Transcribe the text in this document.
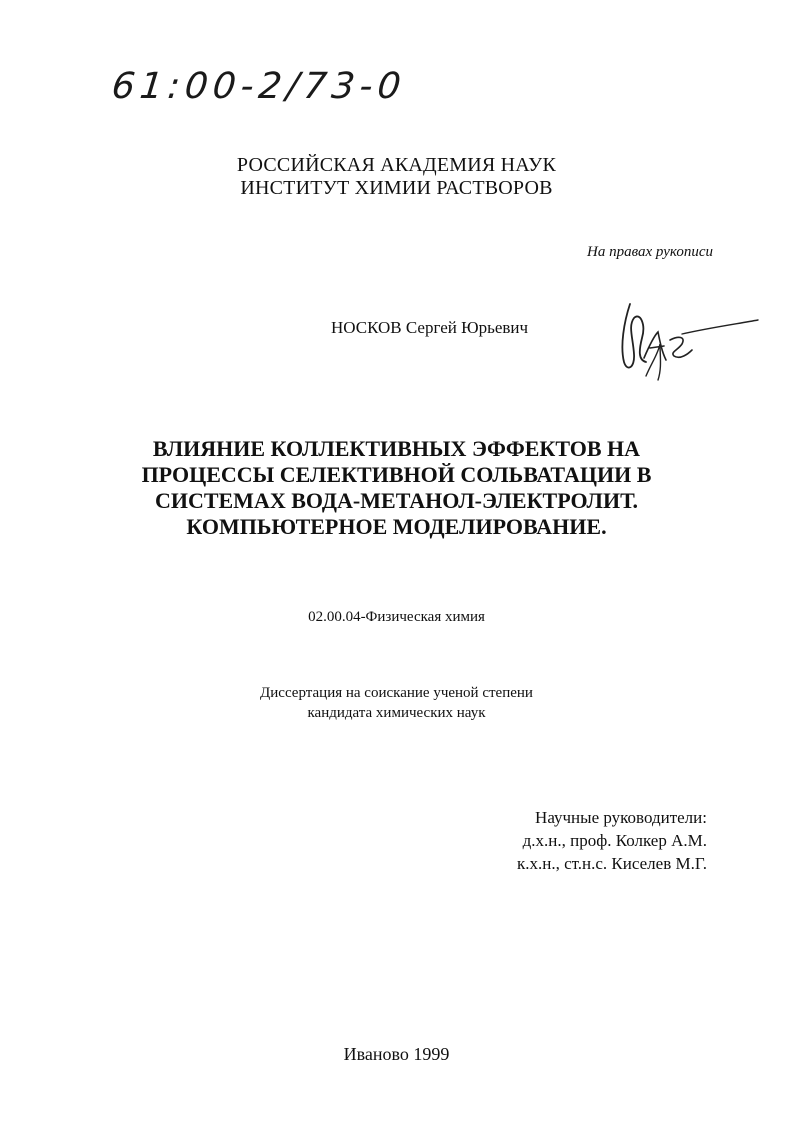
61:00-2/73-0
РОССИЙСКАЯ АКАДЕМИЯ НАУК
ИНСТИТУТ ХИМИИ РАСТВОРОВ
На правах рукописи
НОСКОВ Сергей Юрьевич
ВЛИЯНИЕ КОЛЛЕКТИВНЫХ ЭФФЕКТОВ НА
ПРОЦЕССЫ СЕЛЕКТИВНОЙ СОЛЬВАТАЦИИ В
СИСТЕМАХ ВОДА-МЕТАНОЛ-ЭЛЕКТРОЛИТ.
КОМПЬЮТЕРНОЕ МОДЕЛИРОВАНИЕ.
02.00.04-Физическая химия
Диссертация на соискание ученой степени
кандидата химических наук
Научные руководители:
д.х.н., проф. Колкер А.М.
к.х.н., ст.н.с. Киселев М.Г.
Иваново 1999
